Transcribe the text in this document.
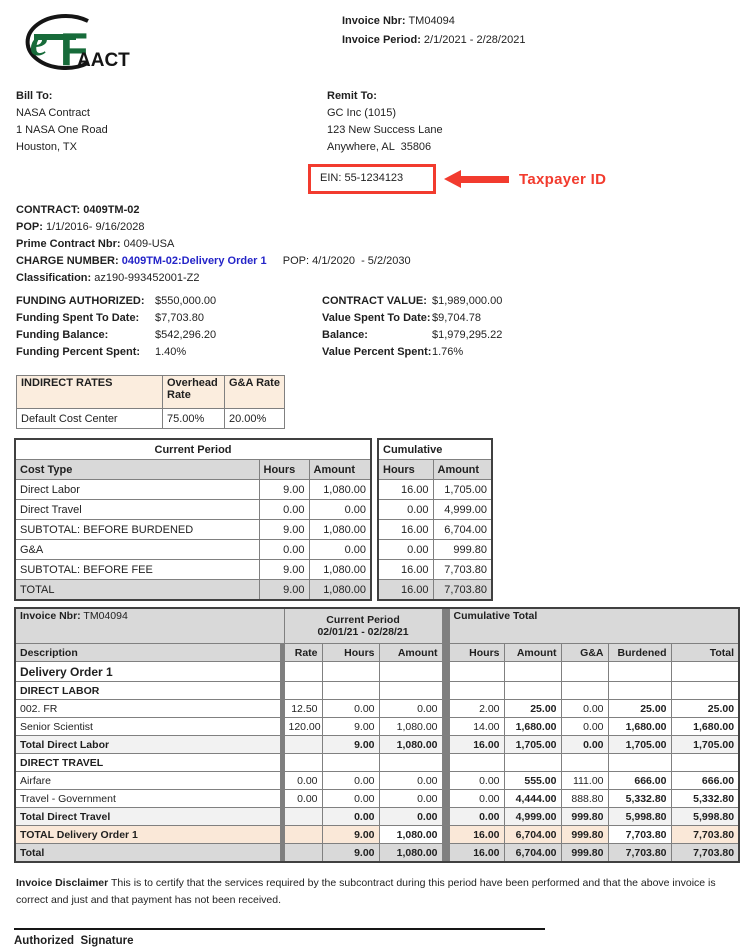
e F
AACT
Invoice Nbr: TM04094
Invoice Period: 2/1/2021 - 2/28/2021
Bill To:
NASA Contract
1 NASA One Road
Houston, TX
Remit To:
GC Inc (1015)
123 New Success Lane
Anywhere, AL  35806
EIN: 55-1234123	Taxpayer ID
CONTRACT: 0409TM-02
POP: 1/1/2016- 9/16/2028
Prime Contract Nbr: 0409-USA
CHARGE NUMBER: 0409TM-02:Delivery Order 1 POP: 4/1/2020  - 5/2/2030
Classification: az190-993452001-Z2
FUNDING AUTHORIZED: $550,000.00
Funding Spent To Date:	$7,703.80
Funding Balance:	$542,296.20
Funding Percent Spent:	1.40%
CONTRACT VALUE: $1,989,000.00
Value Spent To Date: $9,704.78
Balance:	$1,979,295.22
Value Percent Spent: 1.76%
INDIRECT RATES	Overhead Rate	G&A Rate
Default Cost Center	75.00%	20.00%
Current Period		
Cost Type	Hours	Amount
Direct Labor	9.00	1,080.00
Direct Travel	0.00	0.00
SUBTOTAL: BEFORE BURDENED	9.00	1,080.00
G&A	0.00	0.00
SUBTOTAL: BEFORE FEE	9.00	1,080.00
TOTAL	9.00	1,080.00
Cumulative	
Hours	Amount
16.00	1,705.00
0.00	4,999.00
16.00	6,704.00
0.00	999.80
16.00	7,703.80
16.00	7,703.80
Invoice Nbr: TM04094		Current Period
02/01/21 - 02/28/21				Cumulative Total				
Description		Rate	Hours	Amount		Hours	Amount	G&A	Burdened	Total
Delivery Order 1										
DIRECT LABOR										
002. FR		12.50	0.00	0.00		2.00	25.00	0.00	25.00	25.00
Senior Scientist		120.00	9.00	1,080.00		14.00	1,680.00	0.00	1,680.00	1,680.00
Total Direct Labor			9.00	1,080.00		16.00	1,705.00	0.00	1,705.00	1,705.00
DIRECT TRAVEL										
Airfare		0.00	0.00	0.00		0.00	555.00	111.00	666.00	666.00
Travel - Government		0.00	0.00	0.00		0.00	4,444.00	888.80	5,332.80	5,332.80
Total Direct Travel			0.00	0.00		0.00	4,999.00	999.80	5,998.80	5,998.80
TOTAL Delivery Order 1			9.00	1,080.00		16.00	6,704.00	999.80	7,703.80	7,703.80
Total			9.00	1,080.00		16.00	6,704.00	999.80	7,703.80	7,703.80
Invoice Disclaimer This is to certify that the services required by the subcontract during this period have been performed and that the above invoice is correct and just and that payment has not been received.
Authorized  Signature
